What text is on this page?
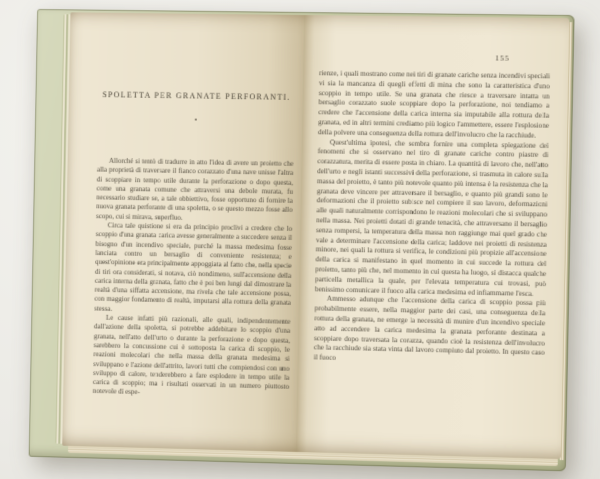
SPOLETTA PER GRANATE PERFORANTI.
▪

Allorché si tentò di tradurre in atto l'idea di avere un proietto che alla proprietà di traversare il fianco corazzato d'una nave unisse l'altra di scoppiare in tempo utile durante la perforazione o dopo questa, come una granata comune che attraversi una debole murata, fu necessario studiare se, a tale obbiettivo, fosse opportuno di fornire la nuova granata perforante di una spoletta, o se questo mezzo fosse allo scopo, cui si mirava, superfluo.

Circa tale quistione si era da principio proclivi a credere che lo scoppio d'una granata carica avesse generalmente a succedere senza il bisogno d'un incendivo speciale, purché la massa medesima fosse lanciata contro un bersaglio di conveniente resistenza; e quest'opinione era principalmente appoggiata al fatto che, nella specie di tiri ora considerati, si notava, ciò nondimeno, sull'accensione della carica interna della granata, fatto che è poi ben lungi dal dimostrare la realtà d'una siffatta accensione, ma rivela che tale accensione possa, con maggior fondamento di realtà, imputarsi alla rottura della granata stessa.

Le cause infatti più razionali, alle quali, indipendentemente dall'azione della spoletta, si potrebbe addebitare lo scoppio d'una granata, nell'atto dell'urto o durante la perforazione e dopo questa, sarebbero la concussione cui è sottoposta la carica di scoppio, le reazioni molecolari che nella massa della granata medesima si sviluppano e l'azione dell'attrito, lavori tutti che compiendosi con uno sviluppo di calore, tenderebbero a fare esplodere in tempo utile la carica di scoppio; ma i risultati osservati in un numero piuttosto notevole di espe-

155

rienze, i quali mostrano come nei tiri di granate cariche senza incendivi speciali vi sia la mancanza di quegli effetti di mina che sono la caratteristica d'uno scoppio in tempo utile. Se una granata che riesce a traversare intatta un bersaglio corazzato suole scoppiare dopo la perforazione, noi tendiamo a credere che l'accensione della carica interna sia imputabile alla rottura della granata, ed in altri termini crediamo più logico l'ammettere, essere l'esplosione della polvere una conseguenza della rottura dell'involucro che la racchiude.

Quest'ultima ipotesi, che sembra fornire una completa spiegazione dei fenomeni che si osservano nel tiro di granate cariche contro piastre di corazzatura, merita di essere posta in chiaro. La quantità di lavoro che, nell'atto dell'urto e negli istanti successivi della perforazione, si trasmuta in calore sulla massa del proietto, è tanto più notevole quanto più intensa è la resistenza che la granata deve vincere per attraversare il bersaglio, e quanto più grandi sono le deformazioni che il proietto subisce nel compiere il suo lavoro, deformazioni alle quali naturalmente corrispondono le reazioni molecolari che si sviluppano nella massa. Nei proietti dotati di grande tenacità, che attraversano il bersaglio senza rompersi, la temperatura della massa non raggiunge mai quel grado che vale a determinare l'accensione della carica; laddove nei proietti di resistenza minore, nei quali la rottura si verifica, le condizioni più propizie all'accensione della carica si manifestano in quel momento in cui succede la rottura del proietto, tanto più che, nel momento in cui questa ha luogo, si distacca qualche particella metallica la quale, per l'elevata temperatura cui trovasi, può benissimo comunicare il fuoco alla carica medesima ed infiammarne l'esca.

Ammesso adunque che l'accensione della carica di scoppio possa più probabilmente essere, nella maggior parte dei casi, una conseguenza della rottura della granata, ne emerge la necessità di munire d'un incendivo speciale atto ad accendere la carica medesima la granata perforante destinata a scoppiare dopo traversata la corazza, quando cioè la resistenza dell'involucro che la racchiude sia stata vinta dal lavoro compiuto dal proietto. In questo caso il fuoco
